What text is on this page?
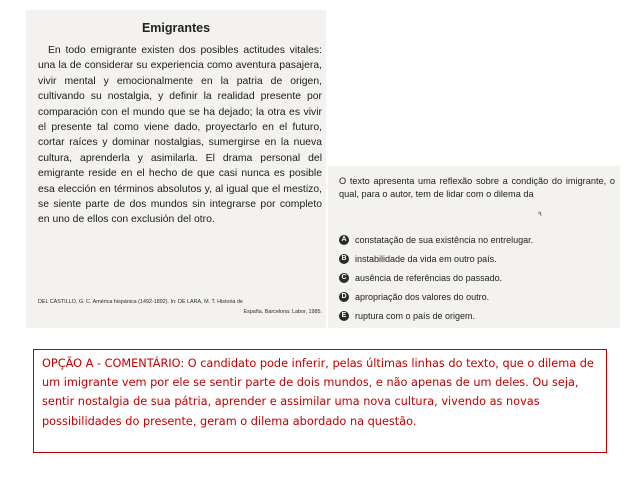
Emigrantes

En todo emigrante existen dos posibles actitudes vitales: una la de considerar su experiencia como aventura pasajera, vivir mental y emocionalmente en la patria de origen, cultivando su nostalgia, y definir la realidad presente por comparación con el mundo que se ha dejado; la otra es vivir el presente tal como viene dado, proyectarlo en el futuro, cortar raíces y dominar nostalgias, sumergirse en la nueva cultura, aprenderla y asimilarla. El drama personal del emigrante reside en el hecho de que casi nunca es posible esa elección en términos absolutos y, al igual que el mestizo, se siente parte de dos mundos sin integrarse por completo en uno de ellos con exclusión del otro.

DEL CASTILLO, G. C. América hispánica (1492-1892). In: DE LARA, M. T. Historia de
España. Barcelona: Labor, 1985.

O texto apresenta uma reflexão sobre a condição do imigrante, o qual, para o autor, tem de lidar com o dilema da

٩
A constatação de sua existência no entrelugar.
B instabilidade da vida em outro país.
C ausência de referências do passado.
D apropriação dos valores do outro.
E ruptura com o país de origem.

OPÇÃO A - COMENTÁRIO: O candidato pode inferir, pelas últimas linhas do texto, que o dilema de um imigrante vem por ele se sentir parte de dois mundos, e não apenas de um deles. Ou seja, sentir nostalgia de sua pátria, aprender e assimilar uma nova cultura, vivendo as novas possibilidades do presente, geram o dilema abordado na questão.
